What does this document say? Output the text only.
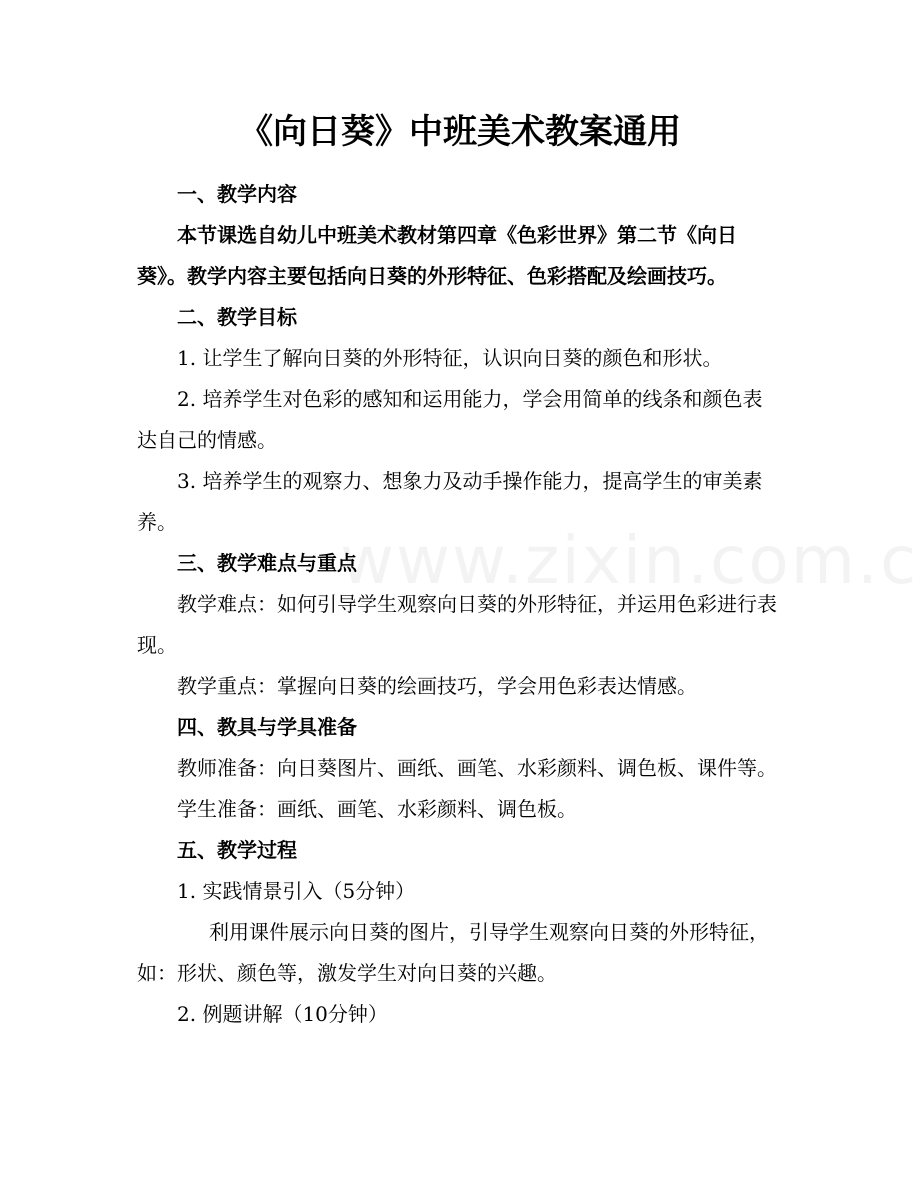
《向日葵》中班美术教案通用

一、教学内容

本节课选自幼儿中班美术教材第四章《色彩世界》第二节《向日葵》。教学内容主要包括向日葵的外形特征、色彩搭配及绘画技巧。

二、教学目标

1. 让学生了解向日葵的外形特征，认识向日葵的颜色和形状。

2. 培养学生对色彩的感知和运用能力，学会用简单的线条和颜色表达自己的情感。

3. 培养学生的观察力、想象力及动手操作能力，提高学生的审美素养。

三、教学难点与重点

教学难点：如何引导学生观察向日葵的外形特征，并运用色彩进行表现。

教学重点：掌握向日葵的绘画技巧，学会用色彩表达情感。

四、教具与学具准备

教师准备：向日葵图片、画纸、画笔、水彩颜料、调色板、课件等。

学生准备：画纸、画笔、水彩颜料、调色板。

五、教学过程

1. 实践情景引入（5分钟）

利用课件展示向日葵的图片，引导学生观察向日葵的外形特征，如：形状、颜色等，激发学生对向日葵的兴趣。

2. 例题讲解（10分钟）
